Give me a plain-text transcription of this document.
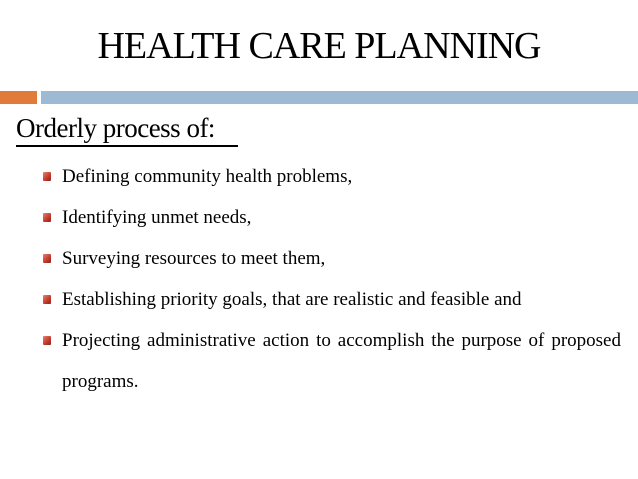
HEALTH CARE PLANNING
Orderly process of:
Defining community health problems,
Identifying unmet needs,
Surveying resources to meet them,
Establishing priority goals, that are realistic and feasible and
Projecting administrative action to accomplish the purpose of proposed programs.
